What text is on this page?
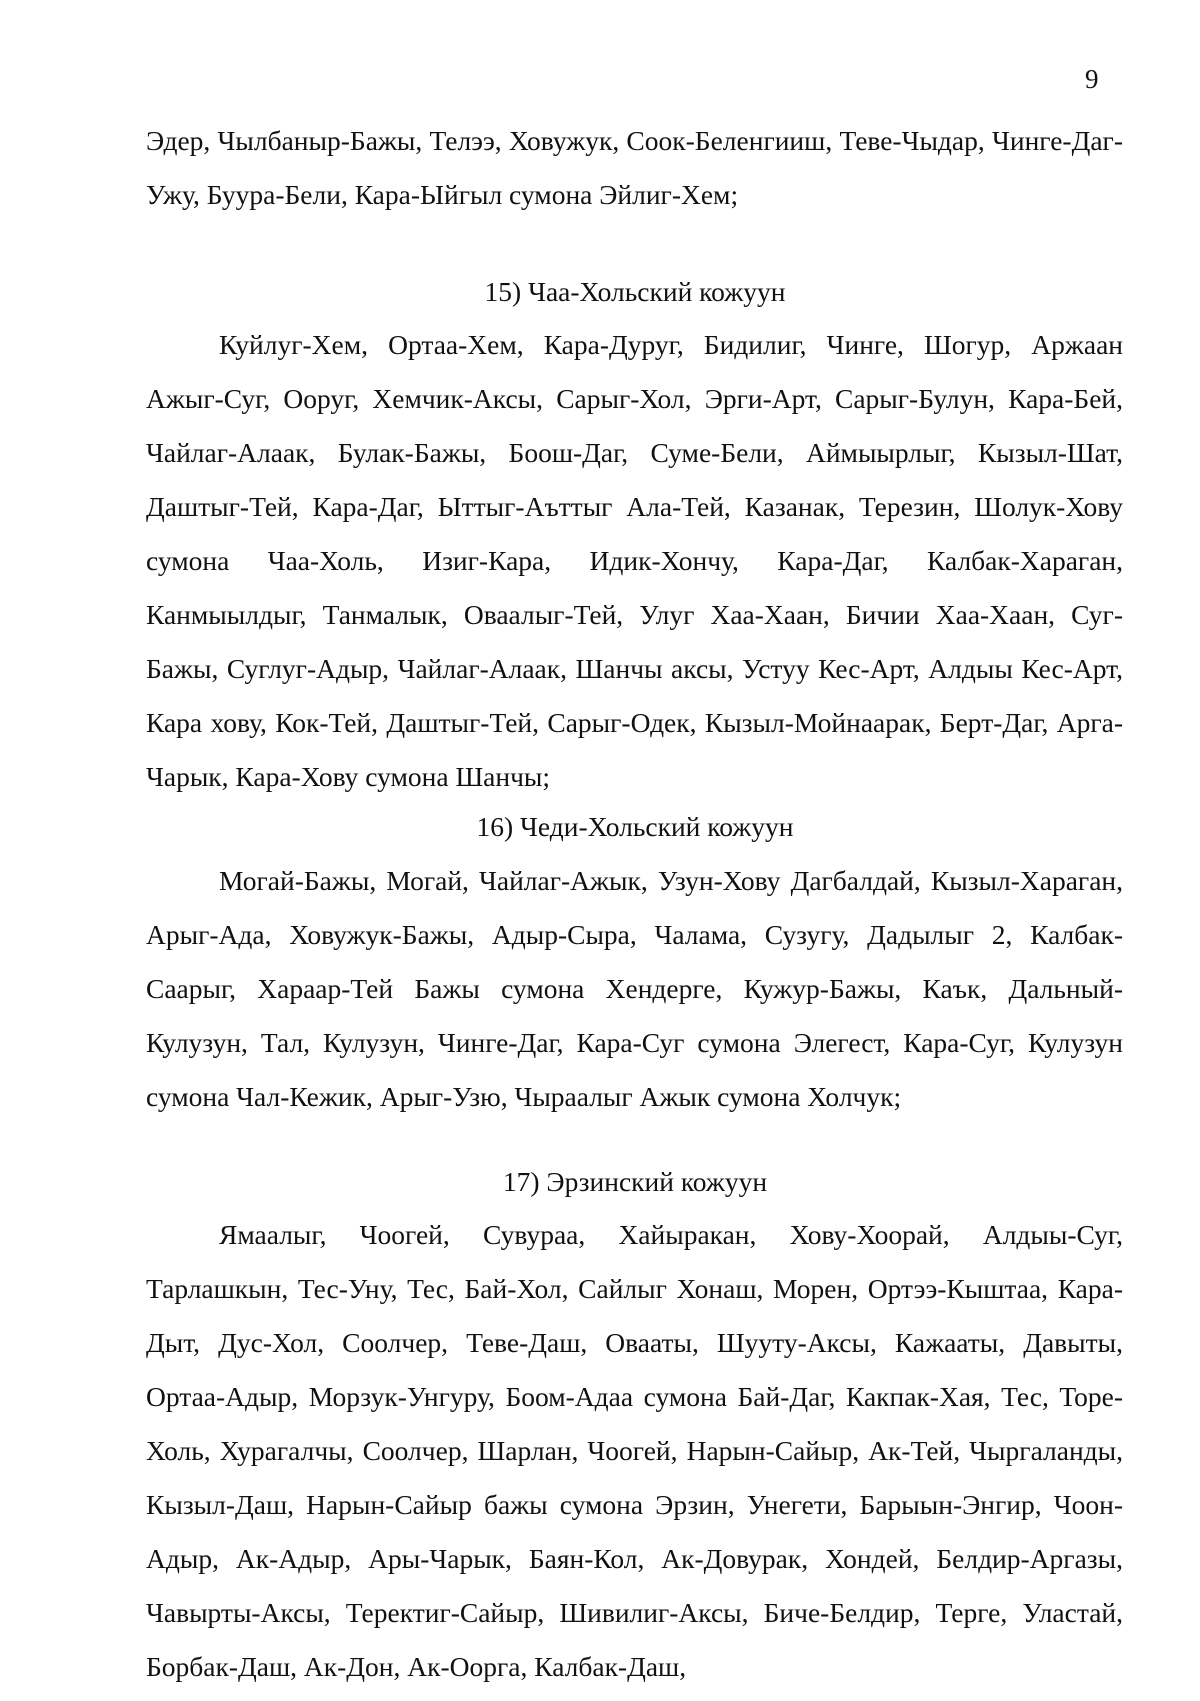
9

Эдер, Чылбаныр-Бажы, Телээ, Ховужук, Соок-Беленгииш, Теве-Чыдар, Чинге-Даг-Ужу, Буура-Бели, Кара-Ыйгыл сумона Эйлиг-Хем;

15) Чаа-Хольский кожуун

Куйлуг-Хем, Ортаа-Хем, Кара-Дуруг, Бидилиг, Чинге, Шогур, Аржаан Ажыг-Суг, Ооруг, Хемчик-Аксы, Сарыг-Хол, Эрги-Арт, Сарыг-Булун, Кара-Бей, Чайлаг-Алаак, Булак-Бажы, Боош-Даг, Суме-Бели, Аймыырлыг, Кызыл-Шат, Даштыг-Тей, Кара-Даг, Ыттыг-Аъттыг Ала-Тей, Казанак, Терезин, Шолук-Хову сумона Чаа-Холь, Изиг-Кара, Идик-Хончу, Кара-Даг, Калбак-Хараган, Канмыылдыг, Танмалык, Оваалыг-Тей, Улуг Хаа-Хаан, Бичии Хаа-Хаан, Суг-Бажы, Суглуг-Адыр, Чайлаг-Алаак, Шанчы аксы, Устуу Кес-Арт, Алдыы Кес-Арт, Кара хову, Кок-Тей, Даштыг-Тей, Сарыг-Одек, Кызыл-Мойнаарак, Берт-Даг, Арга-Чарык, Кара-Хову сумона Шанчы;

16) Чеди-Хольский кожуун

Могай-Бажы, Могай, Чайлаг-Ажык, Узун-Хову Дагбалдай, Кызыл-Хараган, Арыг-Ада, Ховужук-Бажы, Адыр-Сыра, Чалама, Сузугу, Дадылыг 2, Калбак-Саарыг, Хараар-Тей Бажы сумона Хендерге, Кужур-Бажы, Каък, Дальный-Кулузун, Тал, Кулузун, Чинге-Даг, Кара-Суг сумона Элегест, Кара-Суг, Кулузун сумона Чал-Кежик, Арыг-Узю, Чыраалыг Ажык сумона Холчук;

17) Эрзинский кожуун

Ямаалыг, Чоогей, Сувураа, Хайыракан, Хову-Хоорай, Алдыы-Суг, Тарлашкын, Тес-Уну, Тес, Бай-Хол, Сайлыг Хонаш, Морен, Ортээ-Кыштаа, Кара-Дыт, Дус-Хол, Соолчер, Теве-Даш, Овааты, Шууту-Аксы, Кажааты, Давыты, Ортаа-Адыр, Морзук-Унгуру, Боом-Адаа сумона Бай-Даг, Какпак-Хая, Тес, Торе-Холь, Хурагалчы, Соолчер, Шарлан, Чоогей, Нарын-Сайыр, Ак-Тей, Чыргаланды, Кызыл-Даш, Нарын-Сайыр бажы сумона Эрзин, Унегети, Барыын-Энгир, Чоон-Адыр, Ак-Адыр, Ары-Чарык, Баян-Кол, Ак-Довурак, Хондей, Белдир-Аргазы, Чавырты-Аксы, Теректиг-Сайыр, Шивилиг-Аксы, Биче-Белдир, Терге, Уластай, Борбак-Даш, Ак-Дон, Ак-Оорга, Калбак-Даш,
